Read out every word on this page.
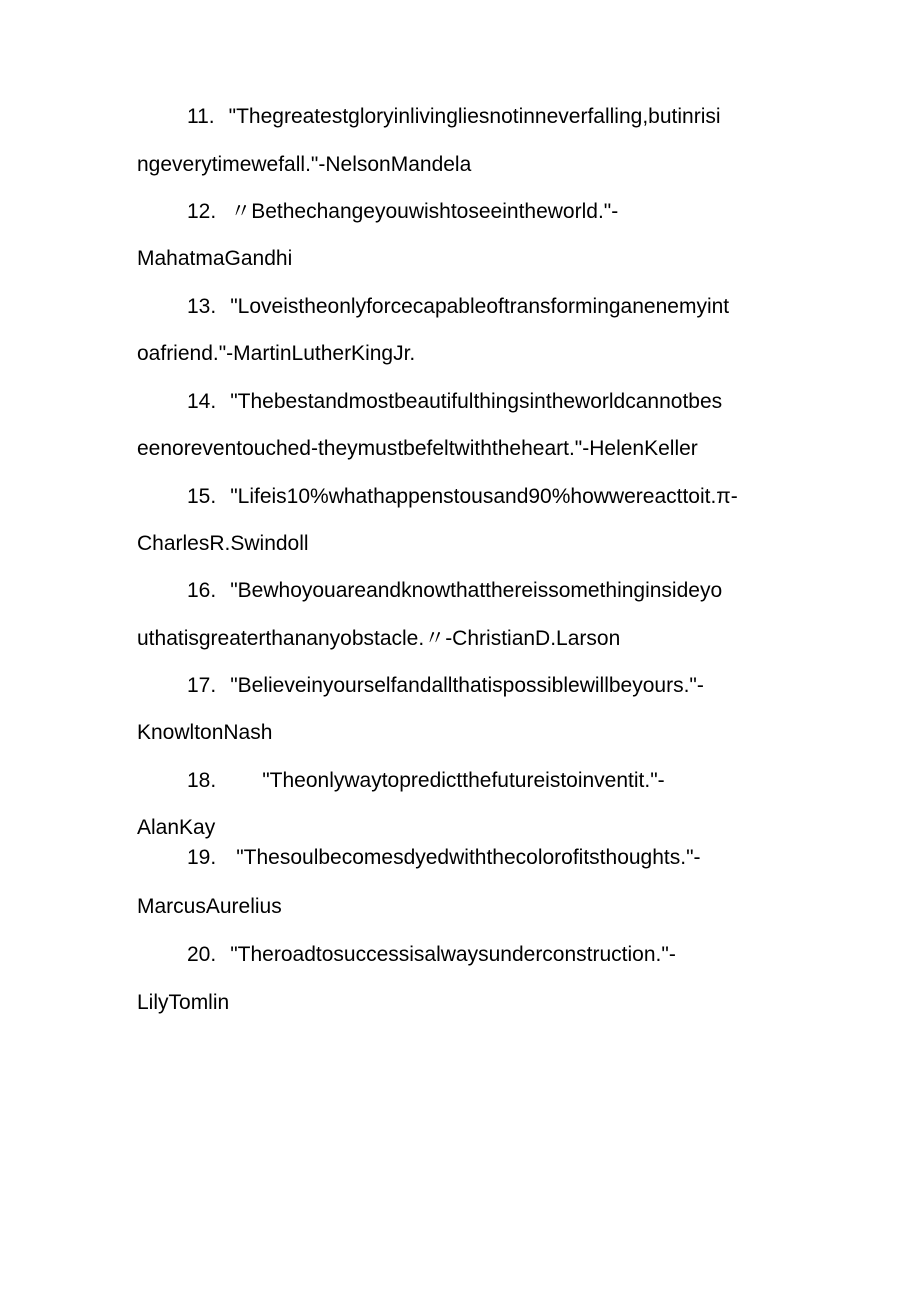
11. "Thegreatestgloryinlivingliesnotinneverfalling,butinrisi
ngeverytimewefall."-NelsonMandela
12. 〃Bethechangeyouwishtoseeintheworld."-
MahatmaGandhi
13. "Loveistheonlyforcecapableoftransforminganenemyint
oafriend."-MartinLutherKingJr.
14. "Thebestandmostbeautifulthingsintheworldcannotbes
eenoreventouched-theymustbefeltwiththeheart."-HelenKeller
15. "Lifeis10%whathappenstousand90%howwereacttoit.π-
CharlesR.Swindoll
16. "Bewhoyouareandknowthatthereissomethinginsideyo
uthatisgreaterthananyobstacle.〃-ChristianD.Larson
17. "Believeinyourselfandallthatispossiblewillbeyours."-
KnowltonNash
18. "Theonlywaytopredictthefutureistoinventit."-
AlanKay
19. "Thesoulbecomesdyedwiththecolorofitsthoughts."-
MarcusAurelius
20. "Theroadtosuccessisalwaysunderconstruction."-
LilyTomlin
